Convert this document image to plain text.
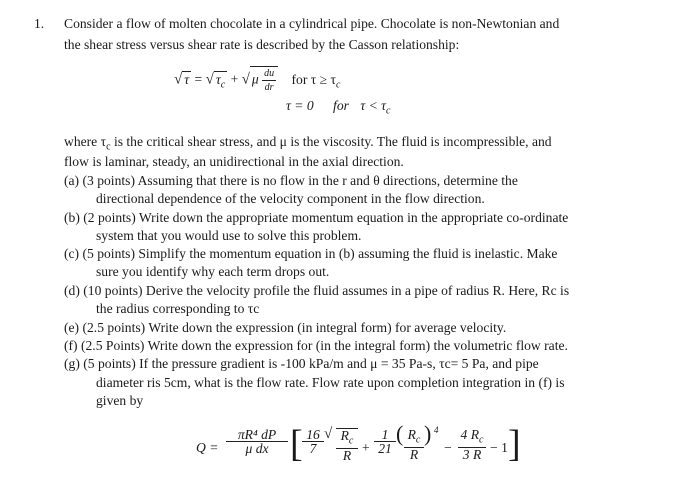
1. Consider a flow of molten chocolate in a cylindrical pipe. Chocolate is non-Newtonian and
the shear stress versus shear rate is described by the Casson relationship:
√ τ = √ $\tau_c$ + √ μ $\frac{du}{dr}$ for $\tau \ge \tau_c$
τ = 0 for $\tau < \tau_c$
where $\tau_c$ is the critical shear stress, and μ is the viscosity. The fluid is incompressible, and
flow is laminar, steady, an unidirectional in the axial direction.
(a) (3 points) Assuming that there is no flow in the r and θ directions, determine the
directional dependence of the velocity component in the flow direction.
(b) (2 points) Write down the appropriate momentum equation in the appropriate co-ordinate
system that you would use to solve this problem.
(c) (5 points) Simplify the momentum equation in (b) assuming the fluid is inelastic. Make
sure you identify why each term drops out.
(d) (10 points) Derive the velocity profile the fluid assumes in a pipe of radius R. Here, Rc is
the radius corresponding to τc
(e) (2.5 points) Write down the expression (in integral form) for average velocity.
(f) (2.5 Points) Write down the expression for (in the integral form) the volumetric flow rate.
(g) (5 points) If the pressure gradient is -100 kPa/m and μ = 35 Pa-s, τc= 5 Pa, and pipe
diameter ris 5cm, what is the flow rate. Flow rate upon completion integration in (f) is
given by
$Q = \frac{\text{πR⁴ dP}}{\text{μ dx}}$ [ $\frac{16}{7}$ √ $\frac{R_c}{R} + \frac{1}{21}$ ( $\frac{R_c}{R}$ ) 4
− $\frac{4 R_c}{3 R} - 1$ ]
